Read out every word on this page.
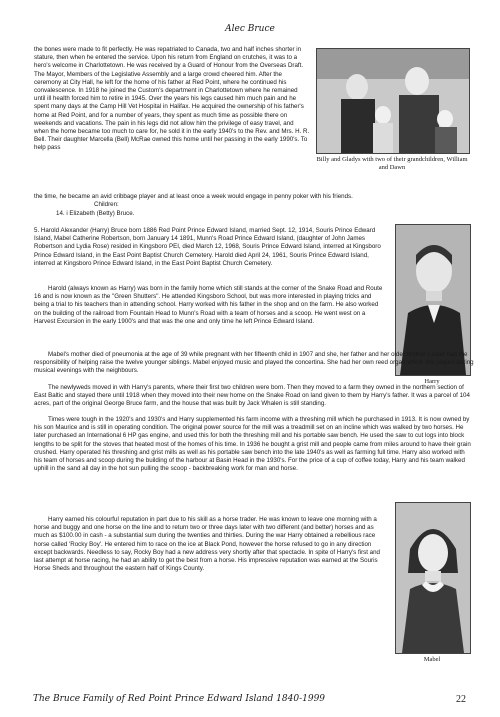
Alec Bruce

the bones were made to fit perfectly. He was repatriated to Canada, two and half inches shorter in stature, then when he entered the service. Upon his return from England on crutches, it was to a hero's welcome in Charlottetown. He was received by a Guard of Honour from the Overseas Draft. The Mayor, Members of the Legislative Assembly and a large crowd cheered him. After the ceremony at City Hall, he left for the home of his father at Red Point, where he continued his convalescence. In 1918 he joined the Custom's department in Charlottetown where he remained until ill health forced him to retire in 1945. Over the years his legs caused him much pain and he spent many days at the Camp Hill Vet Hospital in Halifax. He acquired the ownership of his father's home at Red Point, and for a number of years, they spent as much time as possible there on weekends and vacations. The pain in his legs did not allow him the privilege of easy travel, and when the home became too much to care for, he sold it in the early 1940's to the Rev. and Mrs. H. R. Bell. Their daughter Marcella (Bell) McRae owned this home until her passing in the early 1990's. To help pass

Billy and Gladys with two of their grandchildren, William and Dawn

the time, he became an avid cribbage player and at least once a week would engage in penny poker with his friends.

Children:

14. i Elizabeth (Betty) Bruce.

5. Harold Alexander (Harry) Bruce born 1886 Red Point Prince Edward Island, married Sept. 12, 1914, Souris Prince Edward Island, Mabel Catherine Robertson, born January 14 1891, Munn's Road Prince Edward Island, (daughter of John James Robertson and Lydia Rose) resided in Kingsboro PEI, died March 12, 1968, Souris Prince Edward Island, interred at Kingsboro Prince Edward Island, in the East Point Baptist Church Cemetery. Harold died April 24, 1961, Souris Prince Edward Island, interred at Kingsboro Prince Edward Island, in the East Point Baptist Church Cemetery.

Harry

Harold (always known as Harry) was born in the family home which still stands at the corner of the Snake Road and Route 16 and is now known as the "Green Shutters". He attended Kingsboro School, but was more interested in playing tricks and being a trial to his teachers than in attending school. Harry worked with his father in the shop and on the farm. He also worked on the building of the railroad from Fountain Head to Munn's Road with a team of horses and a scoop. He went west on a Harvest Excursion in the early 1900's and that was the one and only time he left Prince Edward Island.

Mabel's mother died of pneumonia at the age of 39 while pregnant with her fifteenth child in 1907 and she, her father and her older brother Lester had the responsibility of helping raise the twelve younger siblings. Mabel enjoyed music and played the concertina. She had her own reed organ which she played during musical evenings with the neighbours.

The newlyweds moved in with Harry's parents, where their first two children were born. Then they moved to a farm they owned in the northern section of East Baltic and stayed there until 1918 when they moved into their new home on the Snake Road on land given to them by Harry's father. It was a parcel of 104 acres, part of the original George Bruce farm, and the house that was built by Jack Whalen is still standing.

Times were tough in the 1920's and 1930's and Harry supplemented his farm income with a threshing mill which he purchased in 1913. It is now owned by his son Maurice and is still in operating condition. The original power source for the mill was a treadmill set on an incline which was walked by two horses. He later purchased an International 6 HP gas engine, and used this for both the threshing mill and his portable saw bench. He used the saw to cut logs into block lengths to be split for the stoves that heated most of the homes of his time. In 1936 he bought a grist mill and people came from miles around to have their grain crushed. Harry operated his threshing and grist mills as well as his portable saw bench into the late 1940's as well as farming full time. Harry also worked with his team of horses and scoop during the building of the harbour at Basin Head in the 1930's. For the price of a cup of coffee today, Harry and his team walked uphill in the sand all day in the hot sun pulling the scoop - backbreaking work for man and horse.

Harry earned his colourful reputation in part due to his skill as a horse trader. He was known to leave one morning with a horse and buggy and one horse on the line and to return two or three days later with two different (and better) horses and as much as $100.00 in cash - a substantial sum during the twenties and thirties. During the war Harry obtained a rebellious race horse called 'Rocky Boy'. He entered him to race on the ice at Black Pond, however the horse refused to go in any direction except backwards. Needless to say, Rocky Boy had a new address very shortly after that spectacle. In spite of Harry's first and last attempt at horse racing, he had an ability to get the best from a horse. His impressive reputation was earned at the Souris Horse Sheds and throughout the eastern half of Kings County.

Mabel
The Bruce Family of Red Point Prince Edward Island 1840-1999	22
